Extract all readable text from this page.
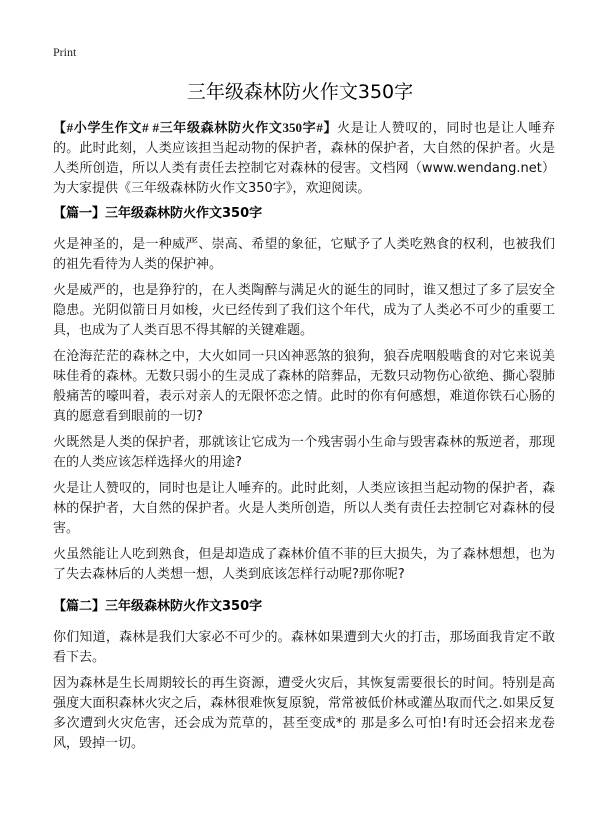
Print
三年级森林防火作文350字
【#小学生作文# #三年级森林防火作文350字#】火是让人赞叹的，同时也是让人唾弃的。此时此刻，人类应该担当起动物的保护者，森林的保护者，大自然的保护者。火是人类所创造，所以人类有责任去控制它对森林的侵害。文档网（www.wendang.net）为大家提供《三年级森林防火作文350字》，欢迎阅读。
【篇一】三年级森林防火作文350字
火是神圣的，是一种威严、崇高、希望的象征，它赋予了人类吃熟食的权利，也被我们的祖先看待为人类的保护神。
火是威严的，也是狰狞的，在人类陶醉与满足火的诞生的同时，谁又想过了多了层安全隐患。光阴似箭日月如梭，火已经传到了我们这个年代，成为了人类必不可少的重要工具，也成为了人类百思不得其解的关键难题。
在沧海茫茫的森林之中，大火如同一只凶神恶煞的狼狗，狼吞虎咽般啮食的对它来说美味佳肴的森林。无数只弱小的生灵成了森林的陪葬品，无数只动物伤心欲绝、撕心裂肺般痛苦的嚎叫着，表示对亲人的无限怀恋之情。此时的你有何感想，难道你铁石心肠的真的愿意看到眼前的一切?
火既然是人类的保护者，那就该让它成为一个残害弱小生命与毁害森林的叛逆者，那现在的人类应该怎样选择火的用途?
火是让人赞叹的，同时也是让人唾弃的。此时此刻，人类应该担当起动物的保护者，森林的保护者，大自然的保护者。火是人类所创造，所以人类有责任去控制它对森林的侵害。
火虽然能让人吃到熟食，但是却造成了森林价值不菲的巨大损失，为了森林想想，也为了失去森林后的人类想一想，人类到底该怎样行动呢?那你呢?
【篇二】三年级森林防火作文350字
你们知道，森林是我们大家必不可少的。森林如果遭到大火的打击，那场面我肯定不敢看下去。
因为森林是生长周期较长的再生资源，遭受火灾后，其恢复需要很长的时间。特别是高强度大面积森林火灾之后，森林很难恢复原貌，常常被低价林或灌丛取而代之.如果反复多次遭到火灾危害，还会成为荒草的，甚至变成*的 那是多么可怕!有时还会招来龙卷风，毁掉一切。
